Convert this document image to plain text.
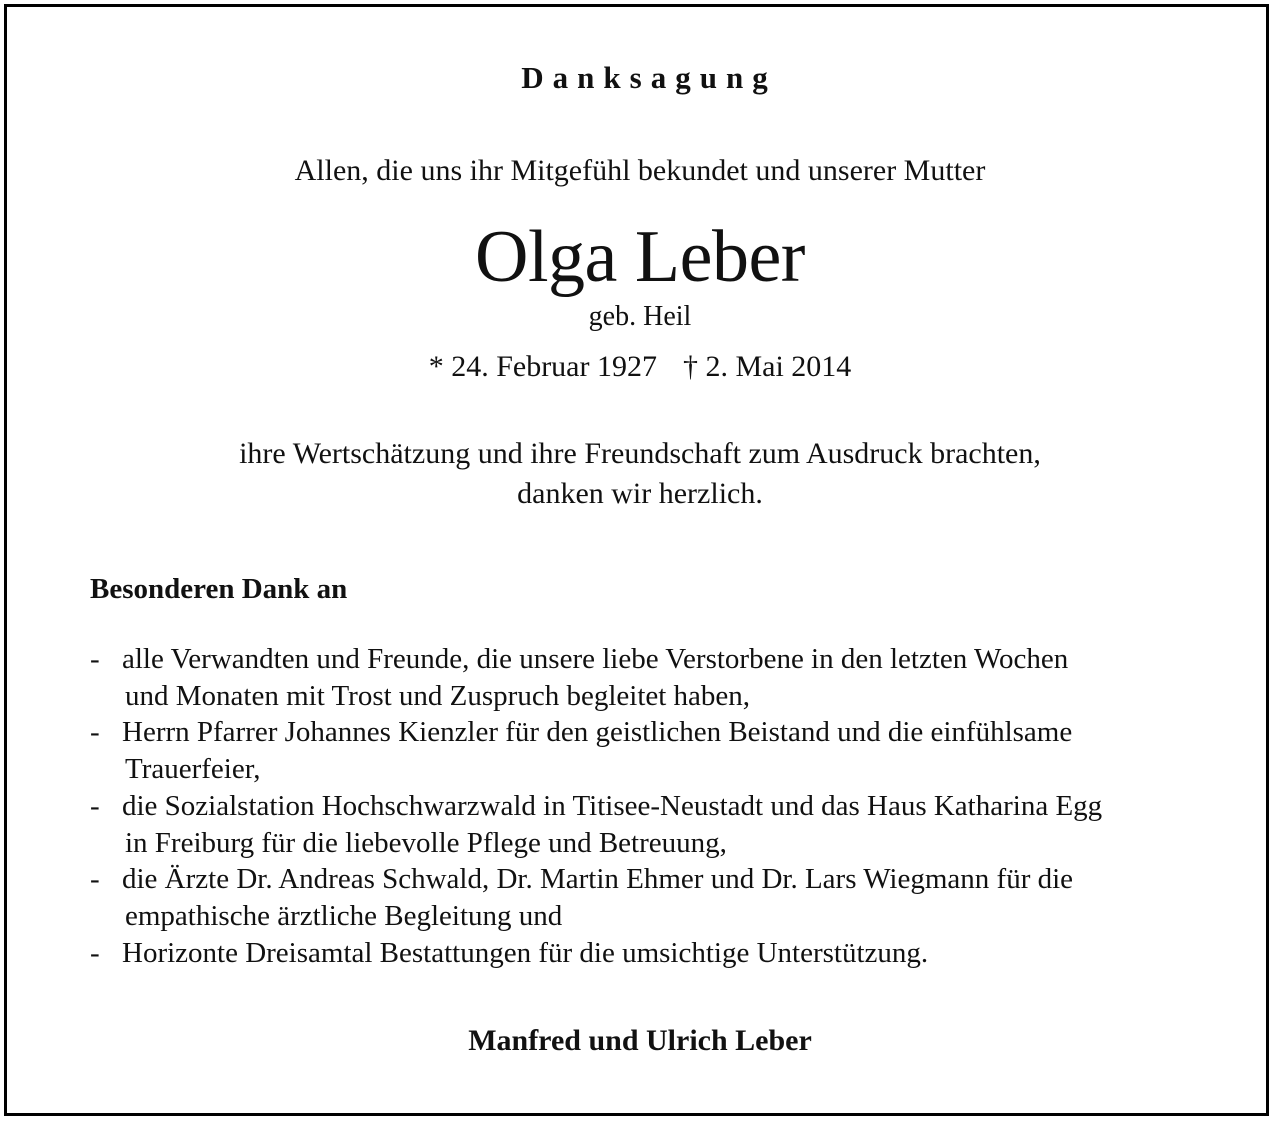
Danksagung
Allen, die uns ihr Mitgefühl bekundet und unserer Mutter
Olga Leber
geb. Heil
* 24. Februar 1927 † 2. Mai 2014
ihre Wertschätzung und ihre Freundschaft zum Ausdruck brachten,
danken wir herzlich.
Besonderen Dank an
- alle Verwandten und Freunde, die unsere liebe Verstorbene in den letzten Wochen
und Monaten mit Trost und Zuspruch begleitet haben,
- Herrn Pfarrer Johannes Kienzler für den geistlichen Beistand und die einfühlsame
Trauerfeier,
- die Sozialstation Hochschwarzwald in Titisee-Neustadt und das Haus Katharina Egg
in Freiburg für die liebevolle Pflege und Betreuung,
- die Ärzte Dr. Andreas Schwald, Dr. Martin Ehmer und Dr. Lars Wiegmann für die
empathische ärztliche Begleitung und
- Horizonte Dreisamtal Bestattungen für die umsichtige Unterstützung.
Manfred und Ulrich Leber
